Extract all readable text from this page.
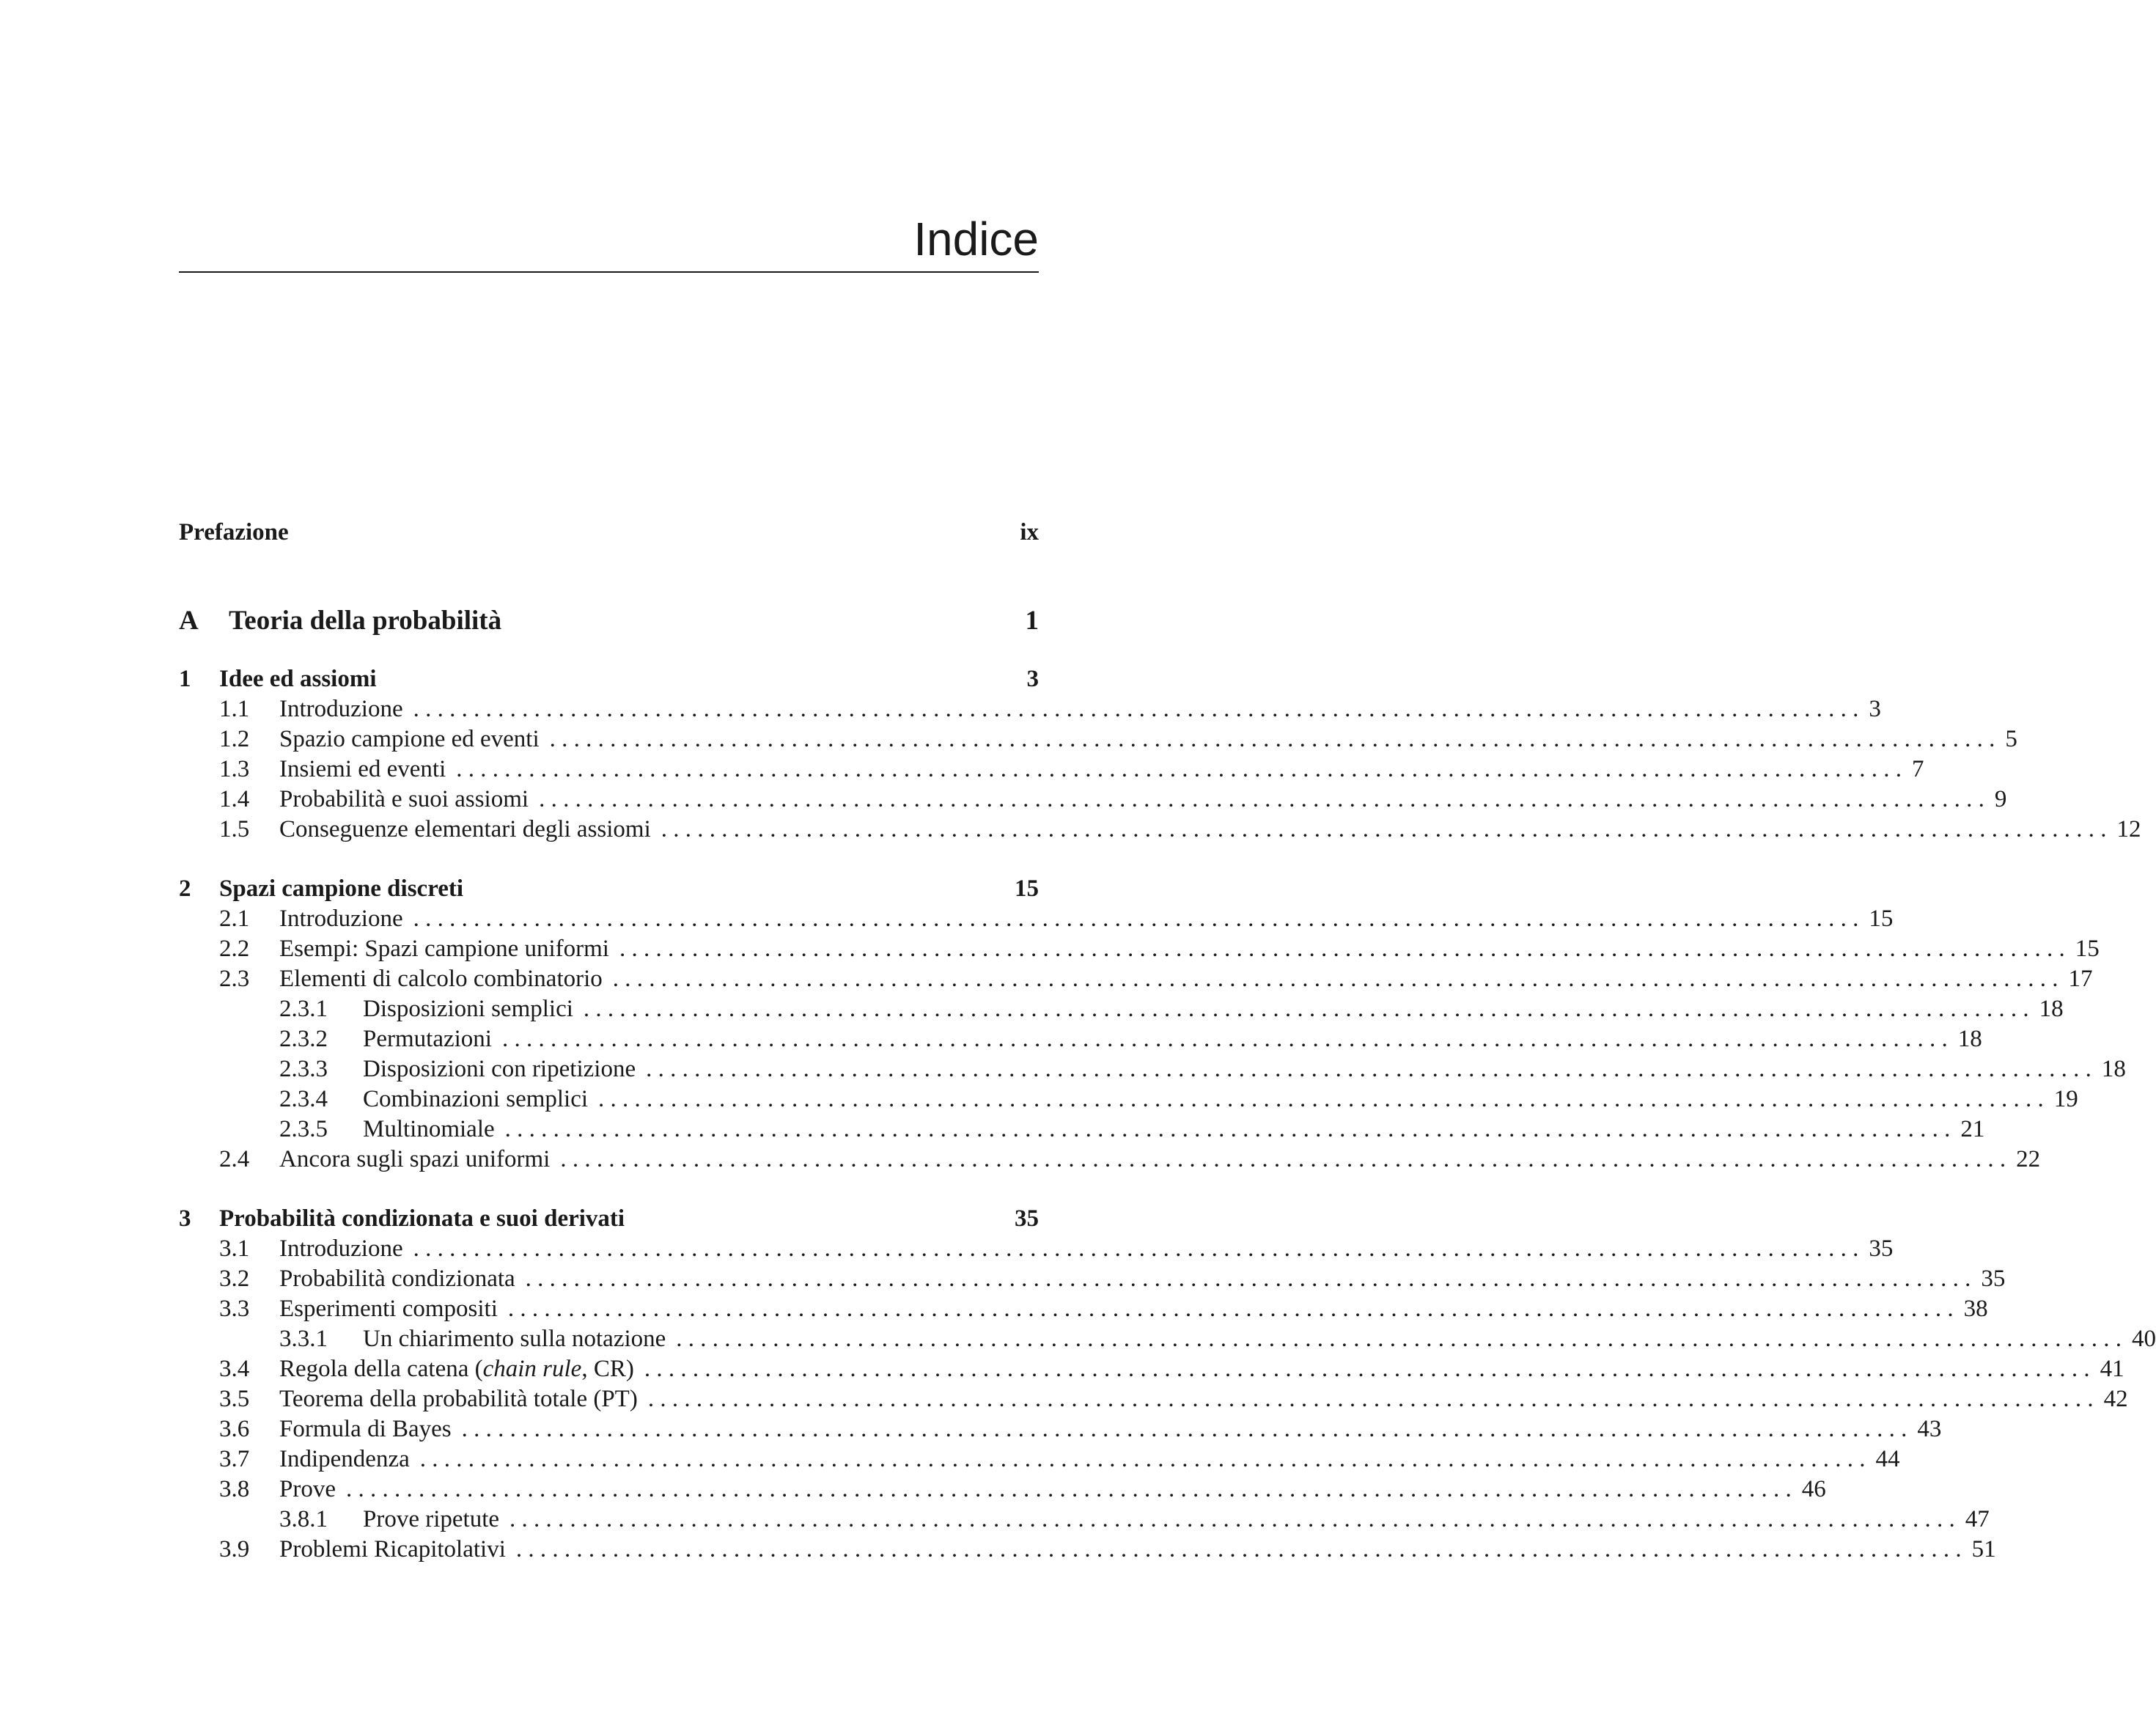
Indice
Prefazione	ix
A	Teoria della probabilità	1
1	Idee ed assiomi	3
1.1	Introduzione . . . . . . . . . . . . . . . . . . . . . . . . . . . . . . . . . . . . . . . . . . . . . . . . . . . . . . . . . . . . . . . . . . . . . . . . . . . . . . . . . . . . . . . . . . . . . . . . . . . . . . . . . . . . . . . . . . . . . . . . 3
1.2	Spazio campione ed eventi . . . . . . . . . . . . . . . . . . . . . . . . . . . . . . . . . . . . . . . . . . . . . . . . . . . . . . . . . . . . . . . . . . . . . . . . . . . . . . . . . . . . . . . . . . . . . . . . . . . . . . . . . . . . . . . . . . . . . . . . 5
1.3	Insiemi ed eventi . . . . . . . . . . . . . . . . . . . . . . . . . . . . . . . . . . . . . . . . . . . . . . . . . . . . . . . . . . . . . . . . . . . . . . . . . . . . . . . . . . . . . . . . . . . . . . . . . . . . . . . . . . . . . . . . . . . . . . . . 7
1.4	Probabilità e suoi assiomi . . . . . . . . . . . . . . . . . . . . . . . . . . . . . . . . . . . . . . . . . . . . . . . . . . . . . . . . . . . . . . . . . . . . . . . . . . . . . . . . . . . . . . . . . . . . . . . . . . . . . . . . . . . . . . . . . . . . . . . . 9
1.5	Conseguenze elementari degli assiomi . . . . . . . . . . . . . . . . . . . . . . . . . . . . . . . . . . . . . . . . . . . . . . . . . . . . . . . . . . . . . . . . . . . . . . . . . . . . . . . . . . . . . . . . . . . . . . . . . . . . . . . . . . . . . . . . . . . . . . . . 12
2	Spazi campione discreti	15
2.1	Introduzione . . . . . . . . . . . . . . . . . . . . . . . . . . . . . . . . . . . . . . . . . . . . . . . . . . . . . . . . . . . . . . . . . . . . . . . . . . . . . . . . . . . . . . . . . . . . . . . . . . . . . . . . . . . . . . . . . . . . . . . . 15
2.2	Esempi: Spazi campione uniformi . . . . . . . . . . . . . . . . . . . . . . . . . . . . . . . . . . . . . . . . . . . . . . . . . . . . . . . . . . . . . . . . . . . . . . . . . . . . . . . . . . . . . . . . . . . . . . . . . . . . . . . . . . . . . . . . . . . . . . . . 15
2.3	Elementi di calcolo combinatorio . . . . . . . . . . . . . . . . . . . . . . . . . . . . . . . . . . . . . . . . . . . . . . . . . . . . . . . . . . . . . . . . . . . . . . . . . . . . . . . . . . . . . . . . . . . . . . . . . . . . . . . . . . . . . . . . . . . . . . . . 17
2.3.1	Disposizioni semplici . . . . . . . . . . . . . . . . . . . . . . . . . . . . . . . . . . . . . . . . . . . . . . . . . . . . . . . . . . . . . . . . . . . . . . . . . . . . . . . . . . . . . . . . . . . . . . . . . . . . . . . . . . . . . . . . . . . . . . . . 18
2.3.2	Permutazioni . . . . . . . . . . . . . . . . . . . . . . . . . . . . . . . . . . . . . . . . . . . . . . . . . . . . . . . . . . . . . . . . . . . . . . . . . . . . . . . . . . . . . . . . . . . . . . . . . . . . . . . . . . . . . . . . . . . . . . . . 18
2.3.3	Disposizioni con ripetizione . . . . . . . . . . . . . . . . . . . . . . . . . . . . . . . . . . . . . . . . . . . . . . . . . . . . . . . . . . . . . . . . . . . . . . . . . . . . . . . . . . . . . . . . . . . . . . . . . . . . . . . . . . . . . . . . . . . . . . . . 18
2.3.4	Combinazioni semplici . . . . . . . . . . . . . . . . . . . . . . . . . . . . . . . . . . . . . . . . . . . . . . . . . . . . . . . . . . . . . . . . . . . . . . . . . . . . . . . . . . . . . . . . . . . . . . . . . . . . . . . . . . . . . . . . . . . . . . . . 19
2.3.5	Multinomiale . . . . . . . . . . . . . . . . . . . . . . . . . . . . . . . . . . . . . . . . . . . . . . . . . . . . . . . . . . . . . . . . . . . . . . . . . . . . . . . . . . . . . . . . . . . . . . . . . . . . . . . . . . . . . . . . . . . . . . . . 21
2.4	Ancora sugli spazi uniformi . . . . . . . . . . . . . . . . . . . . . . . . . . . . . . . . . . . . . . . . . . . . . . . . . . . . . . . . . . . . . . . . . . . . . . . . . . . . . . . . . . . . . . . . . . . . . . . . . . . . . . . . . . . . . . . . . . . . . . . . 22
3	Probabilità condizionata e suoi derivati	35
3.1	Introduzione . . . . . . . . . . . . . . . . . . . . . . . . . . . . . . . . . . . . . . . . . . . . . . . . . . . . . . . . . . . . . . . . . . . . . . . . . . . . . . . . . . . . . . . . . . . . . . . . . . . . . . . . . . . . . . . . . . . . . . . . 35
3.2	Probabilità condizionata . . . . . . . . . . . . . . . . . . . . . . . . . . . . . . . . . . . . . . . . . . . . . . . . . . . . . . . . . . . . . . . . . . . . . . . . . . . . . . . . . . . . . . . . . . . . . . . . . . . . . . . . . . . . . . . . . . . . . . . . 35
3.3	Esperimenti compositi . . . . . . . . . . . . . . . . . . . . . . . . . . . . . . . . . . . . . . . . . . . . . . . . . . . . . . . . . . . . . . . . . . . . . . . . . . . . . . . . . . . . . . . . . . . . . . . . . . . . . . . . . . . . . . . . . . . . . . . . 38
3.3.1	Un chiarimento sulla notazione . . . . . . . . . . . . . . . . . . . . . . . . . . . . . . . . . . . . . . . . . . . . . . . . . . . . . . . . . . . . . . . . . . . . . . . . . . . . . . . . . . . . . . . . . . . . . . . . . . . . . . . . . . . . . . . . . . . . . . . . 40
3.4	Regola della catena (chain rule, CR) . . . . . . . . . . . . . . . . . . . . . . . . . . . . . . . . . . . . . . . . . . . . . . . . . . . . . . . . . . . . . . . . . . . . . . . . . . . . . . . . . . . . . . . . . . . . . . . . . . . . . . . . . . . . . . . . . . . . . . . . 41
3.5	Teorema della probabilità totale (PT) . . . . . . . . . . . . . . . . . . . . . . . . . . . . . . . . . . . . . . . . . . . . . . . . . . . . . . . . . . . . . . . . . . . . . . . . . . . . . . . . . . . . . . . . . . . . . . . . . . . . . . . . . . . . . . . . . . . . . . . . 42
3.6	Formula di Bayes . . . . . . . . . . . . . . . . . . . . . . . . . . . . . . . . . . . . . . . . . . . . . . . . . . . . . . . . . . . . . . . . . . . . . . . . . . . . . . . . . . . . . . . . . . . . . . . . . . . . . . . . . . . . . . . . . . . . . . . . 43
3.7	Indipendenza . . . . . . . . . . . . . . . . . . . . . . . . . . . . . . . . . . . . . . . . . . . . . . . . . . . . . . . . . . . . . . . . . . . . . . . . . . . . . . . . . . . . . . . . . . . . . . . . . . . . . . . . . . . . . . . . . . . . . . . . 44
3.8	Prove . . . . . . . . . . . . . . . . . . . . . . . . . . . . . . . . . . . . . . . . . . . . . . . . . . . . . . . . . . . . . . . . . . . . . . . . . . . . . . . . . . . . . . . . . . . . . . . . . . . . . . . . . . . . . . . . . . . . . . . . 46
3.8.1	Prove ripetute . . . . . . . . . . . . . . . . . . . . . . . . . . . . . . . . . . . . . . . . . . . . . . . . . . . . . . . . . . . . . . . . . . . . . . . . . . . . . . . . . . . . . . . . . . . . . . . . . . . . . . . . . . . . . . . . . . . . . . . . 47
3.9	Problemi Ricapitolativi . . . . . . . . . . . . . . . . . . . . . . . . . . . . . . . . . . . . . . . . . . . . . . . . . . . . . . . . . . . . . . . . . . . . . . . . . . . . . . . . . . . . . . . . . . . . . . . . . . . . . . . . . . . . . . . . . . . . . . . . 51
